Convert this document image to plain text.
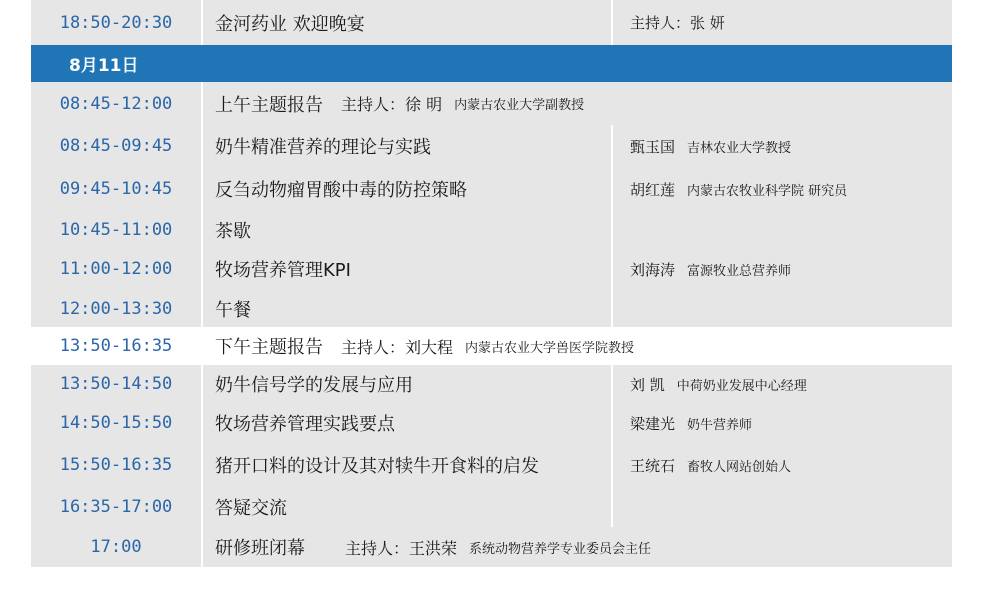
18:50-20:30	金河药业 欢迎晚宴	主持人：张 妍
8月11日
08:45-12:00	上午主题报告 主持人：徐 明 内蒙古农业大学副教授
08:45-09:45	奶牛精准营养的理论与实践	甄玉国 吉林农业大学教授
09:45-10:45	反刍动物瘤胃酸中毒的防控策略	胡红莲 内蒙古农牧业科学院 研究员
10:45-11:00	茶歇
11:00-12:00	牧场营养管理KPI	刘海涛 富源牧业总营养师
12:00-13:30	午餐
13:50-16:35	下午主题报告 主持人：刘大程 内蒙古农业大学兽医学院教授
13:50-14:50	奶牛信号学的发展与应用	刘 凯 中荷奶业发展中心经理
14:50-15:50	牧场营养管理实践要点	梁建光 奶牛营养师
15:50-16:35	猪开口料的设计及其对犊牛开食料的启发	王统石 畜牧人网站创始人
16:35-17:00	答疑交流
17:00	研修班闭幕	主持人：王洪荣 系统动物营养学专业委员会主任
